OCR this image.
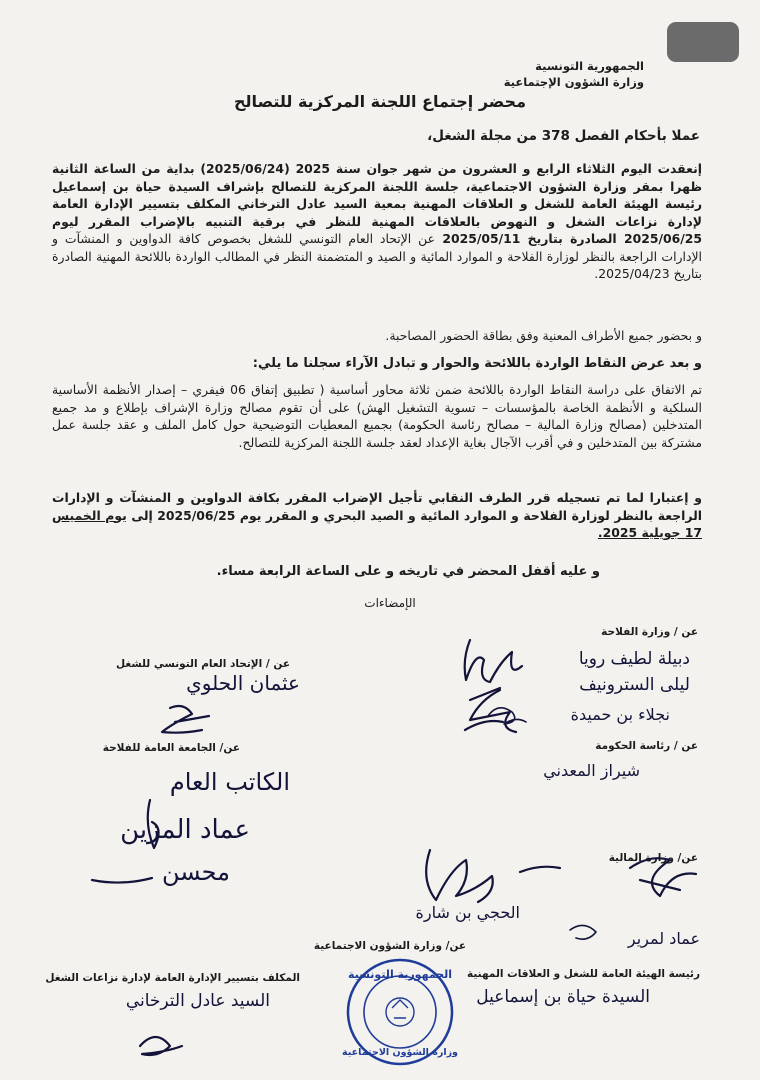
الجمهورية التونسية
وزارة الشؤون الإجتماعية
محضر إجتماع اللجنة المركزية للتصالح
عملا بأحكام الفصل 378 من مجلة الشغل،
إنعقدت اليوم الثلاثاء الرابع و العشرون من شهر جوان سنة 2025 (2025/06/24) بداية من الساعة الثانية ظهرا بمقر وزارة الشؤون الاجتماعية، جلسة اللجنة المركزية للتصالح بإشراف السيدة حياة بن إسماعيل رئيسة الهيئة العامة للشغل و العلاقات المهنية بمعية السيد عادل الترخاني المكلف بتسيير الإدارة العامة لإدارة نزاعات الشغل و النهوض بالعلاقات المهنية للنظر في برقية التنبيه بالإضراب المقرر ليوم 2025/06/25 الصادرة بتاريخ 2025/05/11 عن الإتحاد العام التونسي للشغل بخصوص كافة الدواوين و المنشآت و الإدارات الراجعة بالنظر لوزارة الفلاحة و الموارد المائية و الصيد و المتضمنة النظر في المطالب الواردة باللائحة المهنية الصادرة بتاريخ 2025/04/23.
و بحضور جميع الأطراف المعنية وفق بطاقة الحضور المصاحبة.
و بعد عرض النقاط الواردة باللائحة والحوار و تبادل الآراء سجلنا ما يلي:
تم الاتفاق على دراسة النقاط الواردة باللائحة ضمن ثلاثة محاور أساسية ( تطبيق إتفاق 06 فيفري – إصدار الأنظمة الأساسية السلكية و الأنظمة الخاصة بالمؤسسات – تسوية التشغيل الهش) على أن تقوم مصالح وزارة الإشراف بإطلاع و مد جميع المتدخلين (مصالح وزارة المالية – مصالح رئاسة الحكومة) بجميع المعطيات التوضيحية حول كامل الملف و عقد جلسة عمل مشتركة بين المتدخلين و في أقرب الآجال بغاية الإعداد لعقد جلسة اللجنة المركزية للتصالح.
و إعتبارا لما تم تسجيله قرر الطرف النقابي تأجيل الإضراب المقرر بكافة الدواوين و المنشآت و الإدارات الراجعة بالنظر لوزارة الفلاحة و الموارد المائية و الصيد البحري و المقرر يوم 2025/06/25 إلى يوم الخميس 17 جويلية 2025.
و عليه أقفل المحضر في تاريخه و على الساعة الرابعة مساء.
الإمضاءات
عن / وزارة الفلاحة
عن / الإتحاد العام التونسي للشغل
عن / رئاسة الحكومة
عن/ الجامعة العامة للفلاحة
عن/ وزارة المالية
عن/ وزارة الشؤون الاجتماعية
رئيسة الهيئة العامة للشغل و العلاقات المهنية
المكلف بتسيير الإدارة العامة لإدارة نزاعات الشغل
دبيلة لطيف رويا
ليلى السترونيف
نجلاء بن حميدة
عثمان الحلوي
شيراز المعدني
الكاتب العام
عماد المزين
محسن
الحجي بن شارة
عماد لمرير
الجمهورية التونسية
وزارة الشؤون الاجتماعية
السيدة حياة بن إسماعيل
السيد عادل الترخاني
